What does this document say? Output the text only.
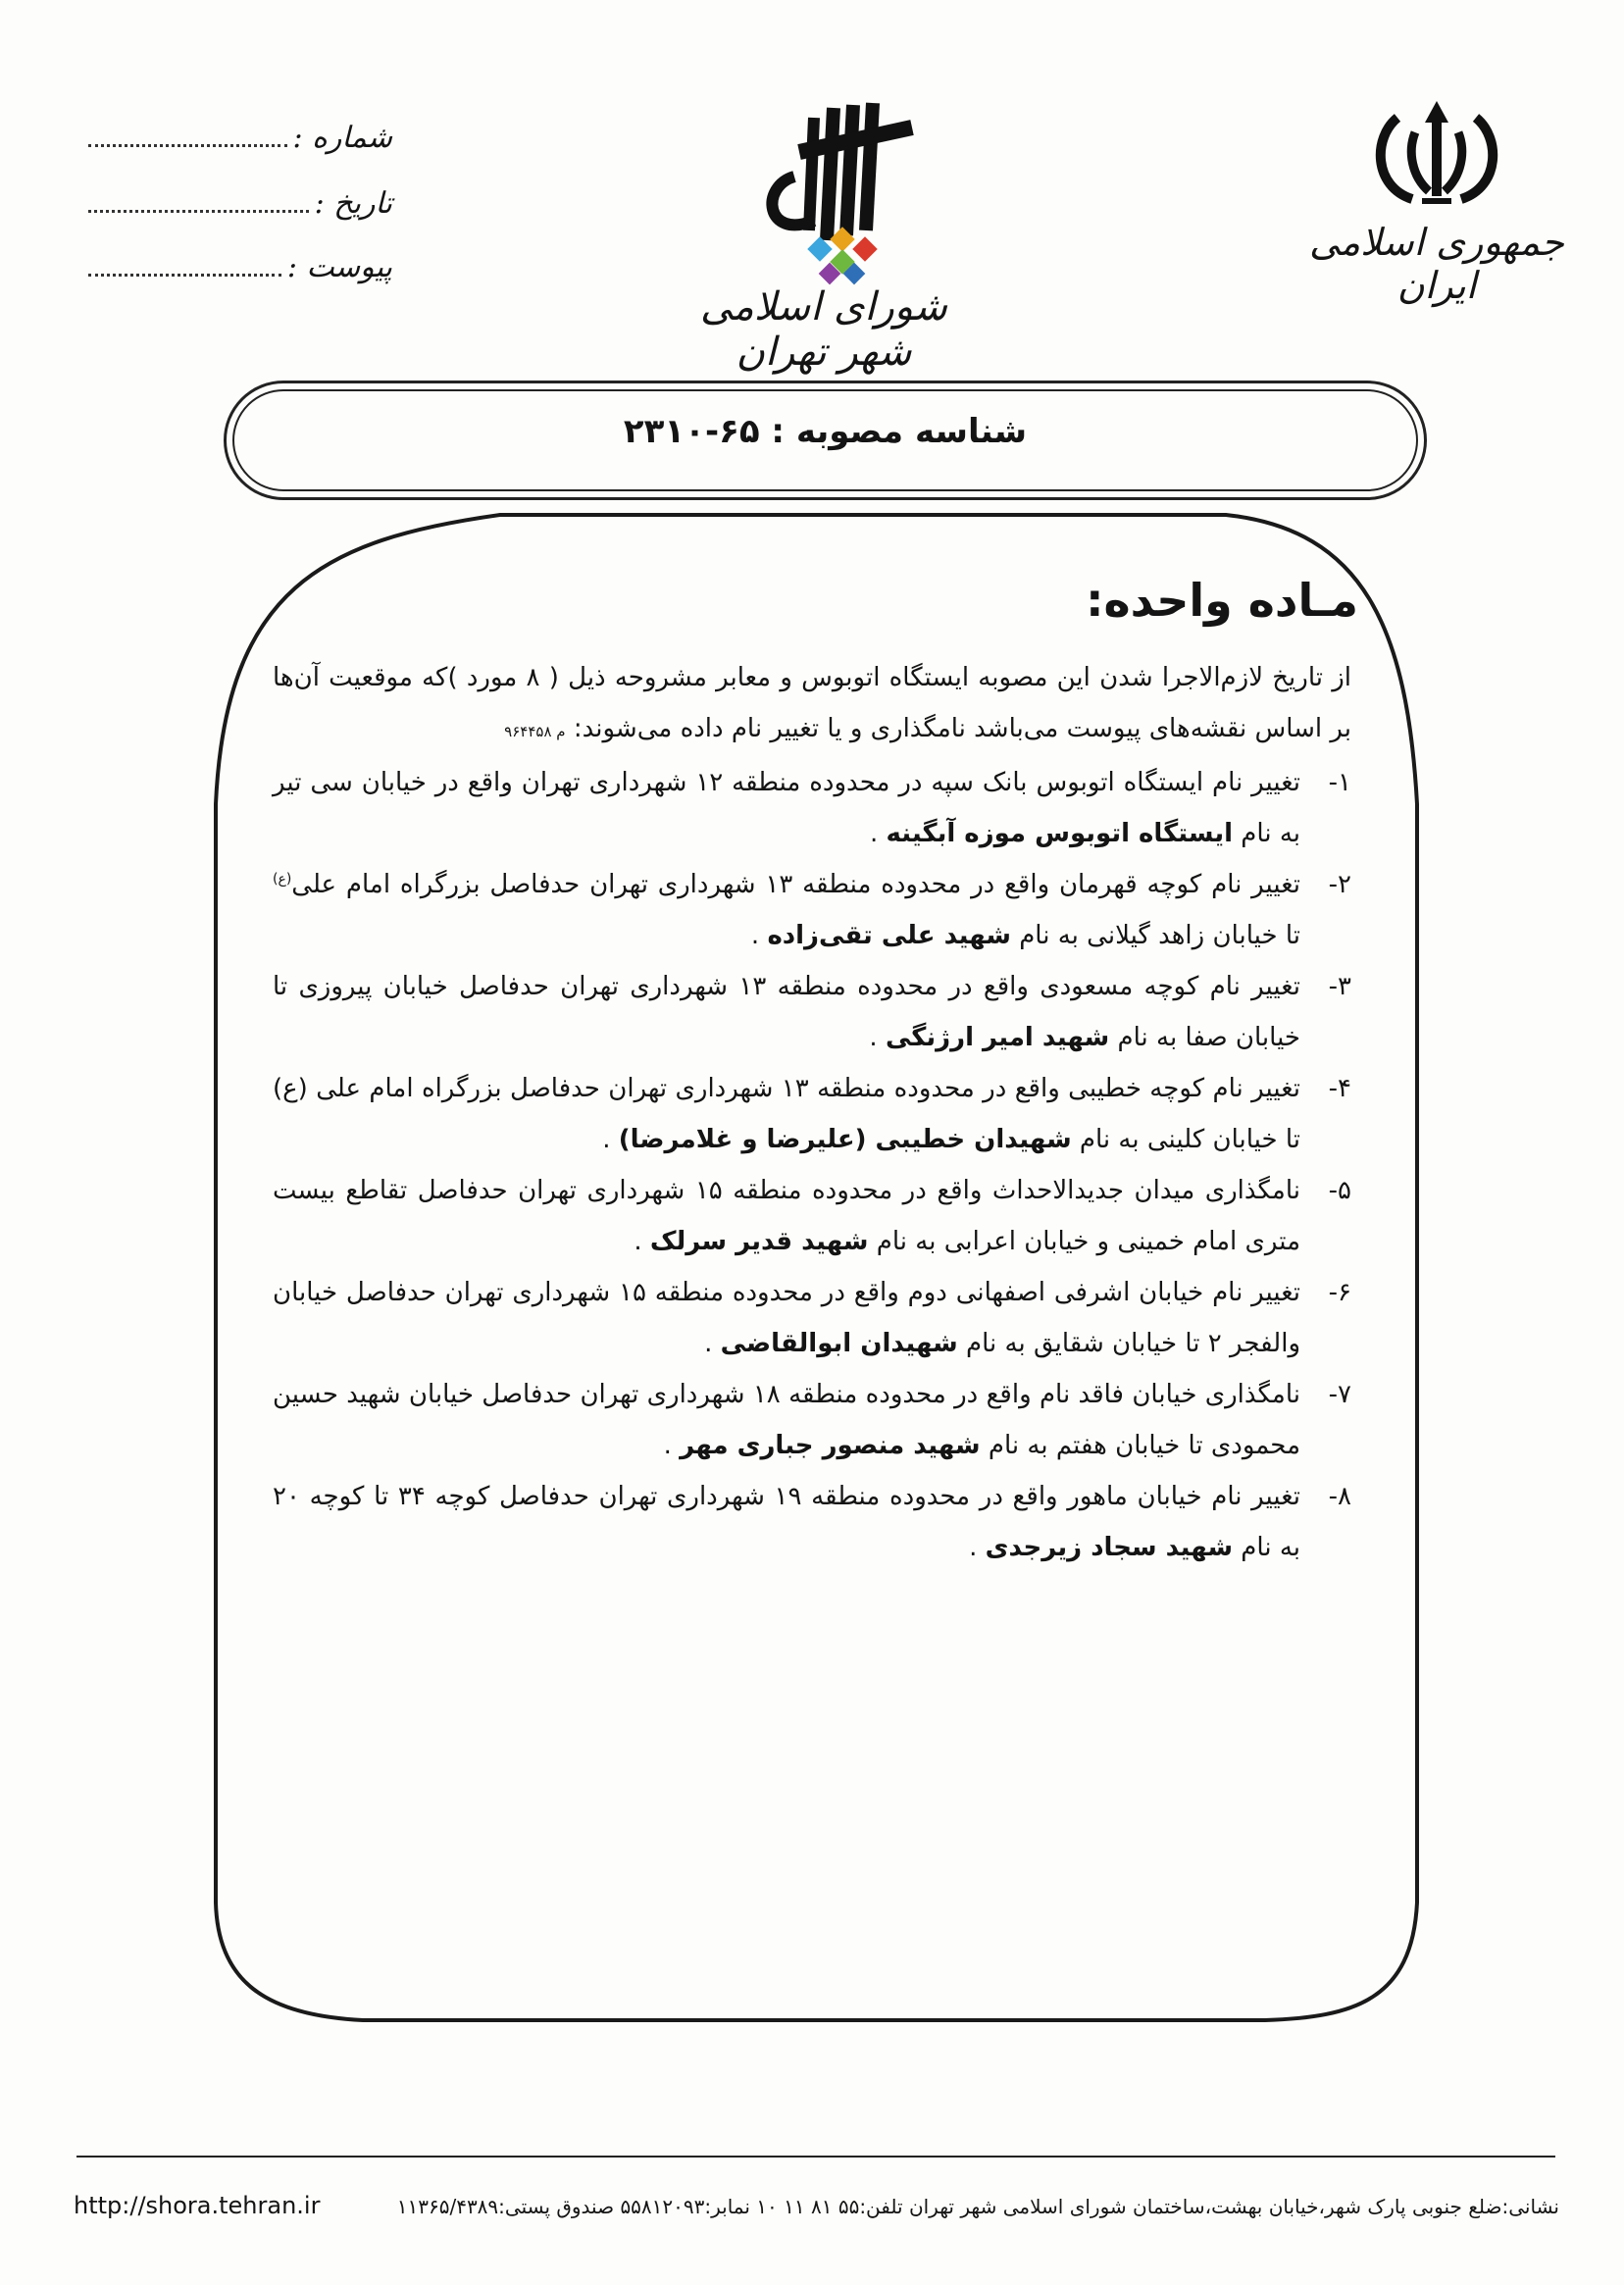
جمهوری اسلامی ایران
شورای اسلامی شهر تهران
شماره :
تاریخ :
پیوست :
شناسه مصوبه : ۶۵-۲۳۱۰
مـاده واحده:

از تاریخ لازم‌الاجرا شدن این مصوبه ایستگاه اتوبوس و معابر مشروحه ذیل ( ۸ مورد )که موقعیت آن‌ها بر اساس نقشه‌های پیوست می‌باشد نامگذاری و یا تغییر نام داده می‌شوند: م ۹۶۴۴۵۸

۱-
تغییر نام ایستگاه اتوبوس بانک سپه در محدوده منطقه ۱۲ شهرداری تهران واقع در خیابان سی تیر به نام ایستگاه اتوبوس موزه آبگینه .
۲-
تغییر نام کوچه قهرمان واقع در محدوده منطقه ۱۳ شهرداری تهران حدفاصل بزرگراه امام علی$^{(ع)}$ تا خیابان زاهد گیلانی به نام شهید علی تقی‌زاده .
۳-
تغییر نام کوچه مسعودی واقع در محدوده منطقه ۱۳ شهرداری تهران حدفاصل خیابان پیروزی تا خیابان صفا به نام شهید امیر ارژنگی .
۴-
تغییر نام کوچه خطیبی واقع در محدوده منطقه ۱۳ شهرداری تهران حدفاصل بزرگراه امام علی (ع) تا خیابان کلینی به نام شهیدان خطیبی (علیرضا و غلامرضا) .
۵-
نامگذاری میدان جدیدالاحداث واقع در محدوده منطقه ۱۵ شهرداری تهران حدفاصل تقاطع بیست متری امام خمینی و خیابان اعرابی به نام شهید قدیر سرلک .
۶-
تغییر نام خیابان اشرفی اصفهانی دوم واقع در محدوده منطقه ۱۵ شهرداری تهران حدفاصل خیابان والفجر ۲ تا خیابان شقایق به نام شهیدان ابوالقاضی .
۷-
نامگذاری خیابان فاقد نام واقع در محدوده منطقه ۱۸ شهرداری تهران حدفاصل خیابان شهید حسین محمودی تا خیابان هفتم به نام شهید منصور جباری مهر .
۸-
تغییر نام خیابان ماهور واقع در محدوده منطقه ۱۹ شهرداری تهران حدفاصل کوچه ۳۴ تا کوچه ۲۰ به نام شهید سجاد زیرجدی .
نشانی:ضلع جنوبی پارک شهر،خیابان بهشت،ساختمان شورای اسلامی شهر تهران تلفن:۵۵ ۸۱ ۱۱ ۱۰ نمابر:۵۵۸۱۲۰۹۳ صندوق پستی:۱۱۳۶۵/۴۳۸۹
http://shora.tehran.ir
